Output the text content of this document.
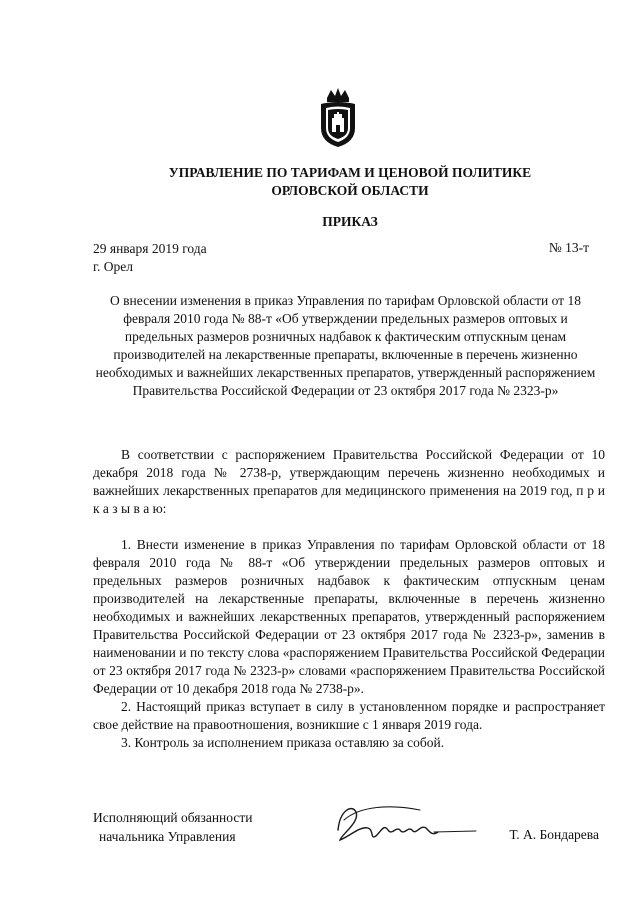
УПРАВЛЕНИЕ ПО ТАРИФАМ И ЦЕНОВОЙ ПОЛИТИКЕ
ОРЛОВСКОЙ ОБЛАСТИ
ПРИКАЗ
29 января 2019 года
г. Орел
№ 13-т
О внесении изменения в приказ Управления по тарифам Орловской области от 18 февраля 2010 года № 88-т «Об утверждении предельных размеров оптовых и предельных размеров розничных надбавок к фактическим отпускным ценам производителей на лекарственные препараты, включенные в перечень жизненно необходимых и важнейших лекарственных препаратов, утвержденный распоряжением Правительства Российской Федерации от 23 октября 2017 года № 2323-р»

В соответствии с распоряжением Правительства Российской Федерации от 10 декабря 2018 года № 2738-р, утверждающим перечень жизненно необходимых и важнейших лекарственных препаратов для медицинского применения на 2019 год, п р и к а з ы в а ю:

1. Внести изменение в приказ Управления по тарифам Орловской области от 18 февраля 2010 года № 88-т «Об утверждении предельных размеров оптовых и предельных размеров розничных надбавок к фактическим отпускным ценам производителей на лекарственные препараты, включенные в перечень жизненно необходимых и важнейших лекарственных препаратов, утвержденный распоряжением Правительства Российской Федерации от 23 октября 2017 года № 2323-р», заменив в наименовании и по тексту слова «распоряжением Правительства Российской Федерации от 23 октября 2017 года № 2323-р» словами «распоряжением Правительства Российской Федерации от 10 декабря 2018 года № 2738-р».

2. Настоящий приказ вступает в силу в установленном порядке и распространяет свое действие на правоотношения, возникшие с 1 января 2019 года.

3. Контроль за исполнением приказа оставляю за собой.

Исполняющий обязанности
начальника Управления	Т. А. Бондарева
